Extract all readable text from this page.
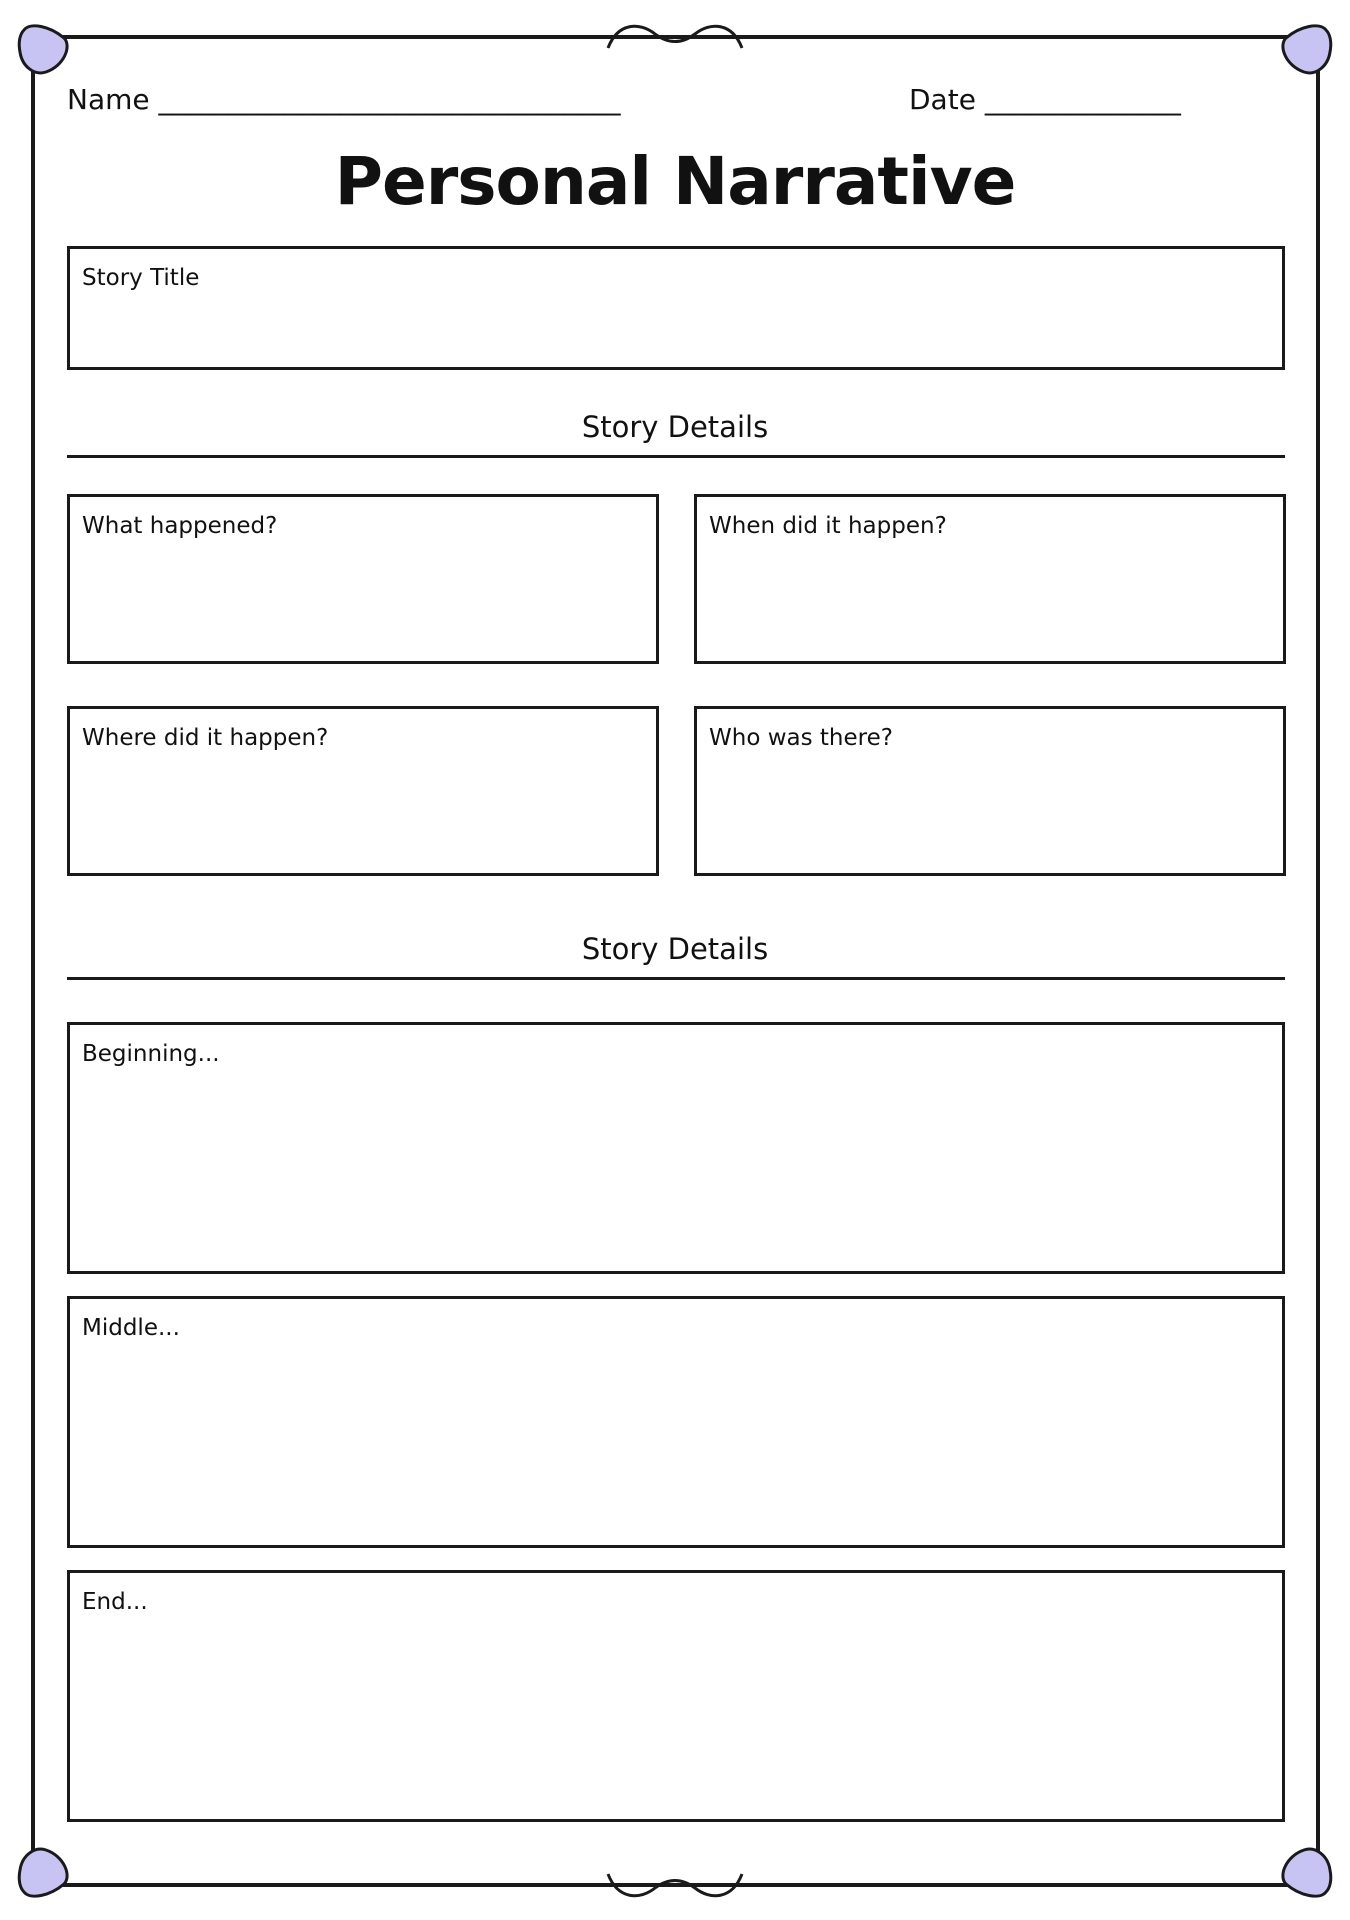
Name _________________________________	Date ______________
Personal Narrative
Story Title
Story Details
What happened?	When did it happen?
Where did it happen?	Who was there?
Story Details
Beginning...
Middle...
End...
